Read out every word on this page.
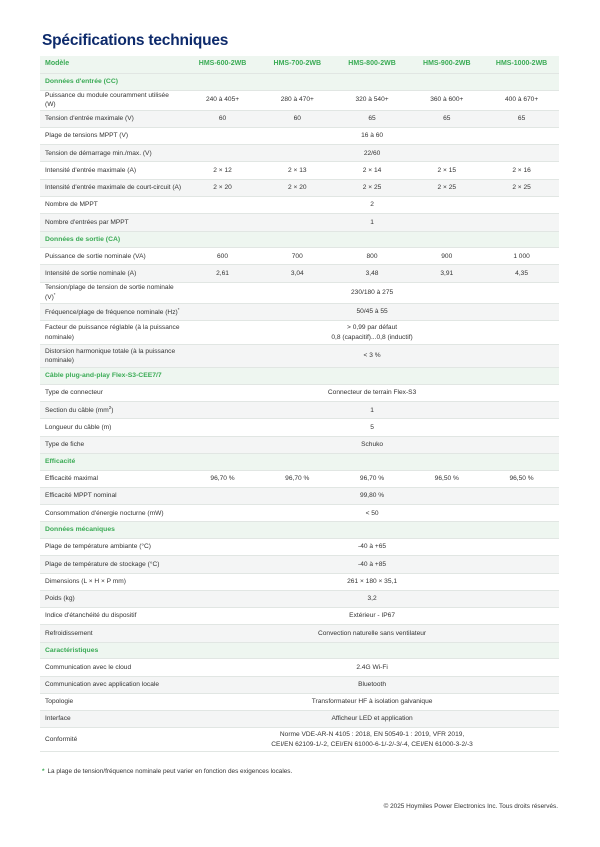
Spécifications techniques
Modèle	HMS-600-2WB	HMS-700-2WB	HMS-800-2WB	HMS-900-2WB	HMS-1000-2WB
Données d'entrée (CC)					
Puissance du module couramment utilisée (W)	240 à 405+	280 à 470+	320 à 540+	360 à 600+	400 à 670+
Tension d'entrée maximale (V)	60	60	65	65	65
Plage de tensions MPPT (V)	16 à 60				

Tension de démarrage min./max. (V)	22/60				

Intensité d'entrée maximale (A)	2 × 12	2 × 13	2 × 14	2 × 15	2 × 16
Intensité d'entrée maximale de court-circuit (A)	2 × 20	2 × 20	2 × 25	2 × 25	2 × 25
Nombre de MPPT	2				

Nombre d'entrées par MPPT	1				

Données de sortie (CA)					
Puissance de sortie nominale (VA)	600	700	800	900	1 000
Intensité de sortie nominale (A)	2,61	3,04	3,48	3,91	4,35
Tension/plage de tension de sortie nominale (V)*	230/180 à 275				

Fréquence/plage de fréquence nominale (Hz)*	50/45 à 55				

Facteur de puissance réglable (à la puissance nominale)	> 0,99 par défaut
0,8 (capacitif)...0,8 (inductif)				

Distorsion harmonique totale (à la puissance nominale)	< 3 %				

Câble plug-and-play Flex-S3-CEE7/7					
Type de connecteur	Connecteur de terrain Flex-S3				

Section du câble $(mm^2)$	1				

Longueur du câble (m)	5				

Type de fiche	Schuko				

Efficacité					
Efficacité maximal	96,70 %	96,70 %	96,70 %	96,50 %	96,50 %
Efficacité MPPT nominal	99,80 %				

Consommation d'énergie nocturne (mW)	< 50				

Données mécaniques					
Plage de température ambiante (°C)	-40 à +65				

Plage de température de stockage (°C)	-40 à +85				

Dimensions (L × H × P mm)	261 × 180 × 35,1				

Poids (kg)	3,2				

Indice d'étanchéité du dispositif	Extérieur - IP67				

Refroidissement	Convection naturelle sans ventilateur				

Caractéristiques					
Communication avec le cloud	2.4G Wi-Fi				

Communication avec application locale	Bluetooth				

Topologie	Transformateur HF à isolation galvanique				

Interface	Afficheur LED et application				

Conformité	Norme VDE-AR-N 4105 : 2018, EN 50549-1 : 2019, VFR 2019,
CEI/EN 62109-1/-2, CEI/EN 61000-6-1/-2/-3/-4, CEI/EN 61000-3-2/-3				
* La plage de tension/fréquence nominale peut varier en fonction des exigences locales.
© 2025 Hoymiles Power Electronics Inc. Tous droits réservés.
